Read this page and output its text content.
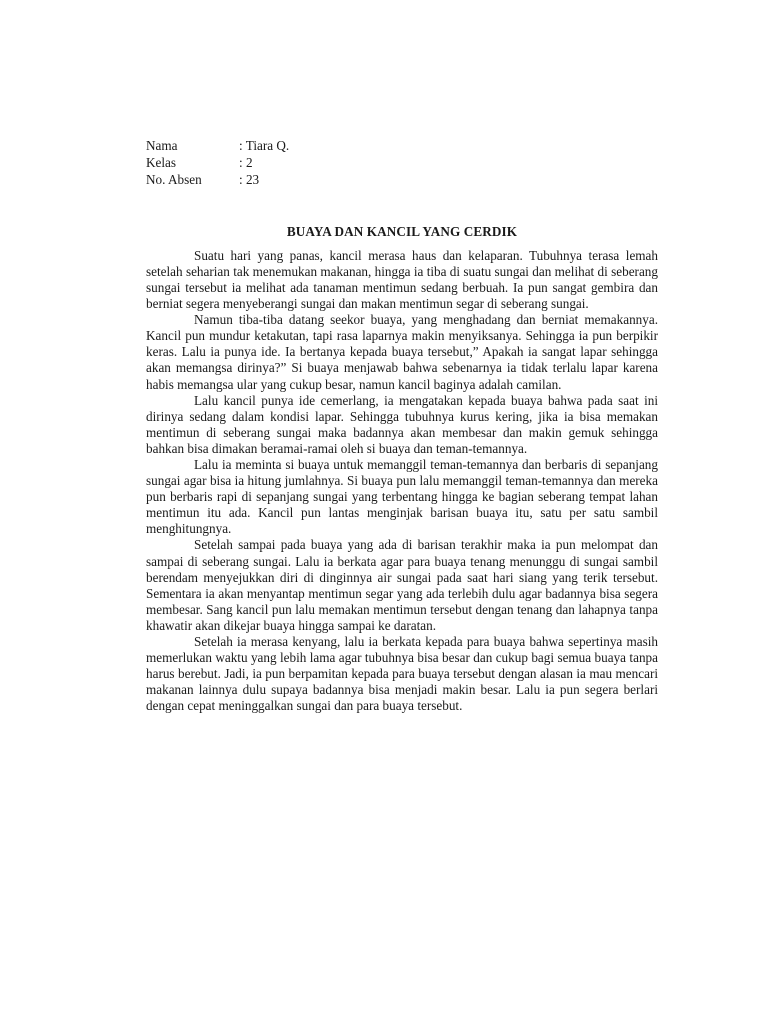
Nama	: Tiara Q.
Kelas	: 2
No. Absen	: 23
BUAYA DAN KANCIL YANG CERDIK

Suatu hari yang panas, kancil merasa haus dan kelaparan. Tubuhnya terasa lemah setelah seharian tak menemukan makanan, hingga ia tiba di suatu sungai dan melihat di seberang sungai tersebut ia melihat ada tanaman mentimun sedang berbuah. Ia pun sangat gembira dan berniat segera menyeberangi sungai dan makan mentimun segar di seberang sungai.

Namun tiba-tiba datang seekor buaya, yang menghadang dan berniat memakannya. Kancil pun mundur ketakutan, tapi rasa laparnya makin menyiksanya. Sehingga ia pun berpikir keras. Lalu ia punya ide. Ia bertanya kepada buaya tersebut,” Apakah ia sangat lapar sehingga akan memangsa dirinya?” Si buaya menjawab bahwa sebenarnya ia tidak terlalu lapar karena habis memangsa ular yang cukup besar, namun kancil baginya adalah camilan.

Lalu kancil punya ide cemerlang, ia mengatakan kepada buaya bahwa pada saat ini dirinya sedang dalam kondisi lapar. Sehingga tubuhnya kurus kering, jika ia bisa memakan mentimun di seberang sungai maka badannya akan membesar dan makin gemuk sehingga bahkan bisa dimakan beramai-ramai oleh si buaya dan teman-temannya.

Lalu ia meminta si buaya untuk memanggil teman-temannya dan berbaris di sepanjang sungai agar bisa ia hitung jumlahnya. Si buaya pun lalu memanggil teman-temannya dan mereka pun berbaris rapi di sepanjang sungai yang terbentang hingga ke bagian seberang tempat lahan mentimun itu ada. Kancil pun lantas menginjak barisan buaya itu, satu per satu sambil menghitungnya.

Setelah sampai pada buaya yang ada di barisan terakhir maka ia pun melompat dan sampai di seberang sungai. Lalu ia berkata agar para buaya tenang menunggu di sungai sambil berendam menyejukkan diri di dinginnya air sungai pada saat hari siang yang terik tersebut. Sementara ia akan menyantap mentimun segar yang ada terlebih dulu agar badannya bisa segera membesar. Sang kancil pun lalu memakan mentimun tersebut dengan tenang dan lahapnya tanpa khawatir akan dikejar buaya hingga sampai ke daratan.

Setelah ia merasa kenyang, lalu ia berkata kepada para buaya bahwa sepertinya masih memerlukan waktu yang lebih lama agar tubuhnya bisa besar dan cukup bagi semua buaya tanpa harus berebut. Jadi, ia pun berpamitan kepada para buaya tersebut dengan alasan ia mau mencari makanan lainnya dulu supaya badannya bisa menjadi makin besar. Lalu ia pun segera berlari dengan cepat meninggalkan sungai dan para buaya tersebut.
